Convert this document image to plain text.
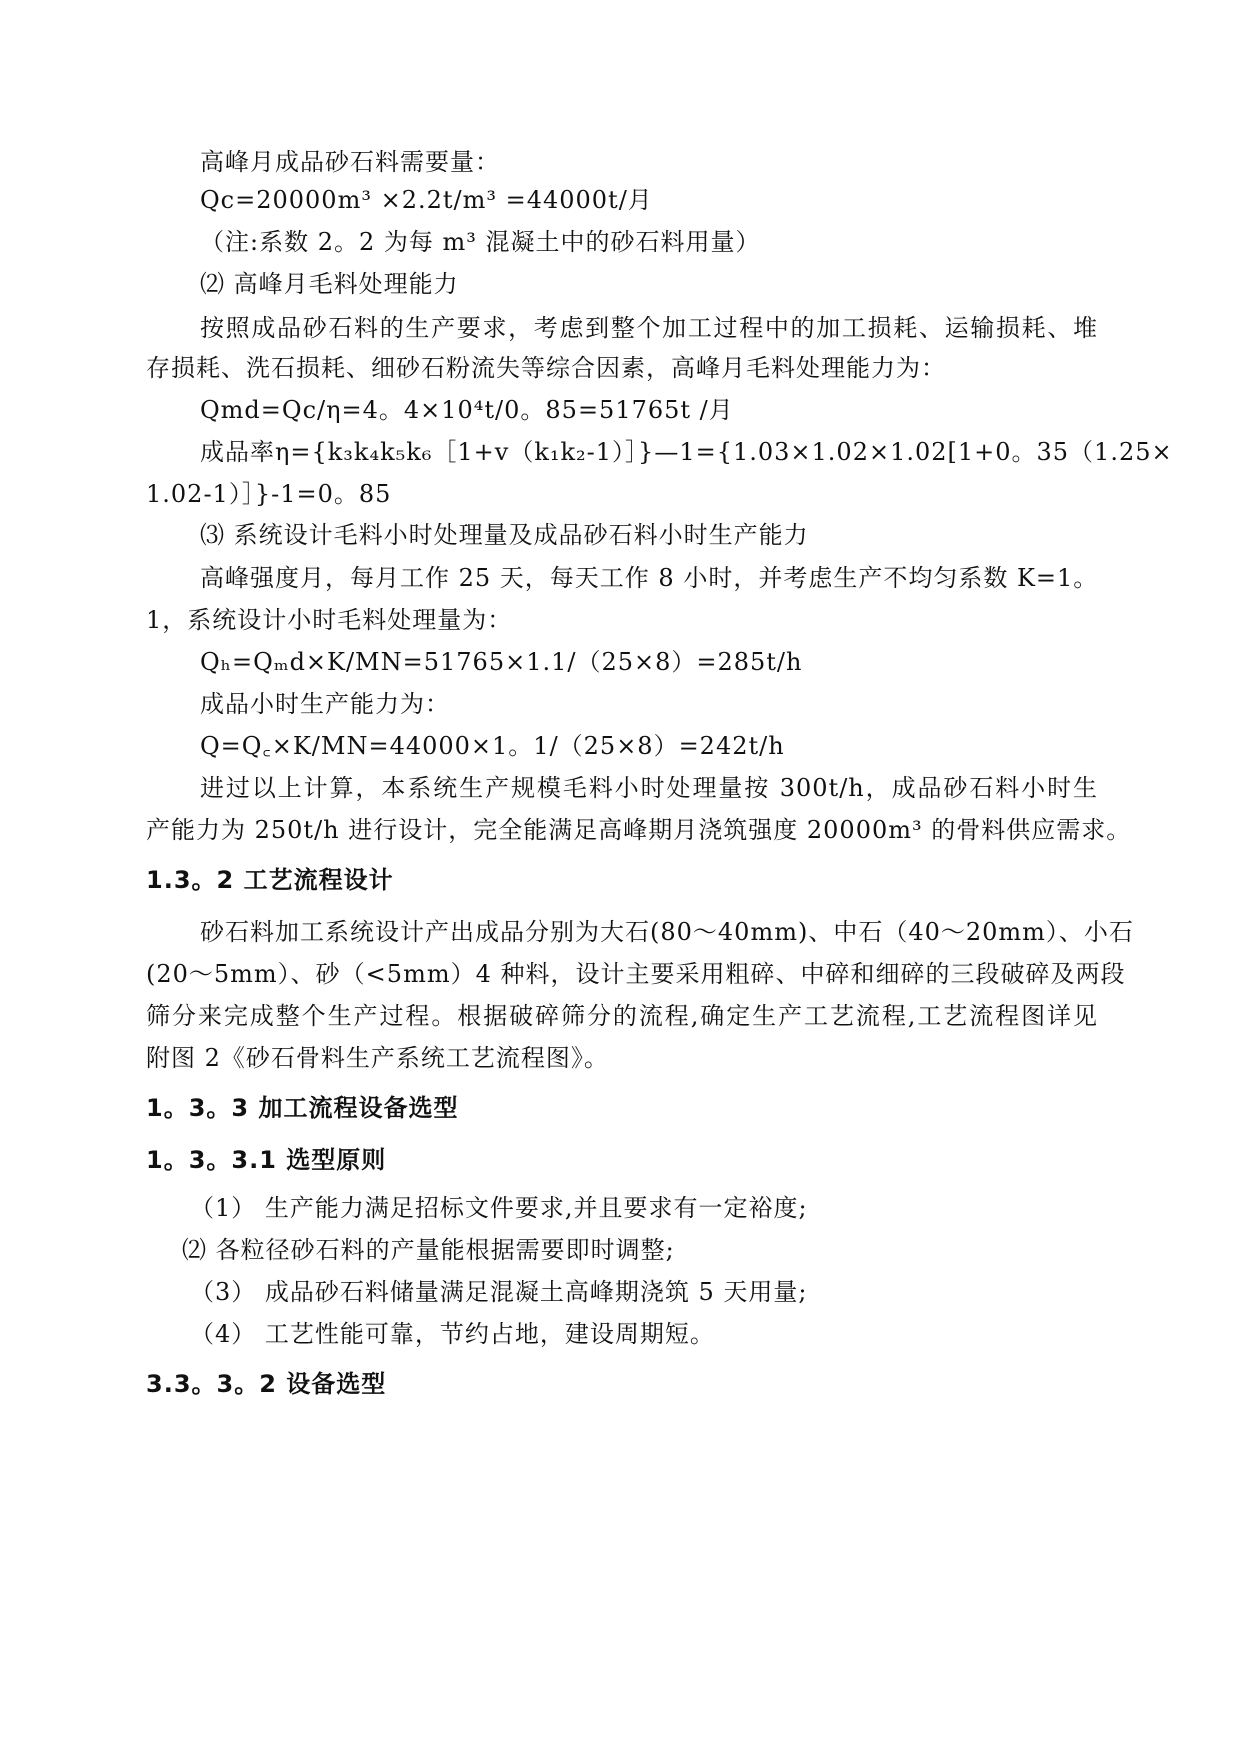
高峰月成品砂石料需要量：
Qc=20000m³ ×2.2t/m³ =44000t/月
（注:系数 2。2 为每 m³ 混凝土中的砂石料用量）
⑵ 高峰月毛料处理能力
按照成品砂石料的生产要求，考虑到整个加工过程中的加工损耗、运输损耗、堆
存损耗、洗石损耗、细砂石粉流失等综合因素，高峰月毛料处理能力为：
Qmd=Qc/η=4。4×10⁴t/0。85=51765t /月
成品率η={k₃k₄k₅k₆［1+v（k₁k₂-1）］}—1={1.03×1.02×1.02[1+0。35（1.25×
1.02-1）］}-1=0。85
⑶ 系统设计毛料小时处理量及成品砂石料小时生产能力
高峰强度月，每月工作 25 天，每天工作 8 小时，并考虑生产不均匀系数 K=1。
1，系统设计小时毛料处理量为：
Qₕ=Qₘd×K/MN=51765×1.1/（25×8）=285t/h
成品小时生产能力为：
Q=Q꜀×K/MN=44000×1。1/（25×8）=242t/h
进过以上计算，本系统生产规模毛料小时处理量按 300t/h，成品砂石料小时生
产能力为 250t/h 进行设计，完全能满足高峰期月浇筑强度 20000m³ 的骨料供应需求。
1.3。2 工艺流程设计
砂石料加工系统设计产出成品分别为大石(80～40mm)、中石（40～20mm）、小石
(20～5mm）、砂（<5mm）4 种料，设计主要采用粗碎、中碎和细碎的三段破碎及两段
筛分来完成整个生产过程。根据破碎筛分的流程,确定生产工艺流程,工艺流程图详见
附图 2《砂石骨料生产系统工艺流程图》。
1。3。3 加工流程设备选型
1。3。3.1 选型原则
（1） 生产能力满足招标文件要求,并且要求有一定裕度;
⑵ 各粒径砂石料的产量能根据需要即时调整;
（3） 成品砂石料储量满足混凝土高峰期浇筑 5 天用量;
（4） 工艺性能可靠，节约占地，建设周期短。
3.3。3。2 设备选型
